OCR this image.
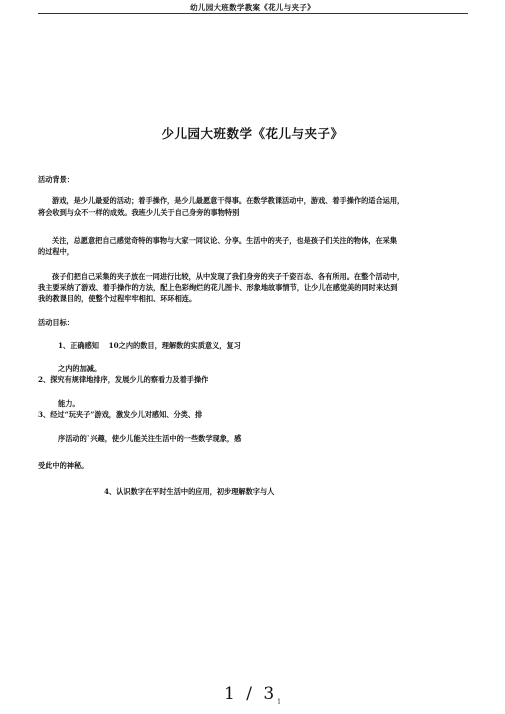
幼儿园大班数学教案《花儿与夹子》
少儿园大班数学《花儿与夹子》
活动背景：
游戏，是少儿最爱的活动；着手操作，是少儿最愿意干得事。在数学教课活动中，游戏、着手操作的适合运用，
将会收到与众不一样的成效。我班少儿关于自己身旁的事物特别
关注，总愿意把自己感觉奇特的事物与大家一同议论、分享。生活中的夹子，也是孩子们关注的物体，在采集
的过程中，
孩子们把自己采集的夹子放在一同进行比较，从中发现了我们身旁的夹子千姿百态、各有所用。在整个活动中，
我主要采纳了游戏、着手操作的方法，配上色彩绚烂的花儿图卡、形象地故事情节，让少儿在感觉美的同时来达到
我的教课目的，使整个过程牢牢相扣、环环相连。
活动目标：
1、正确感知　 10之内的数目，理解数的实质意义，复习
之内的加减。
2、探究有规律地排序，发展少儿的察看力及着手操作
能力。
3、经过“玩夹子”游戏，激发少儿对感知、分类、排
序活动的`兴趣，使少儿能关注生活中的一些数学现象，感
受此中的神秘。
4、认识数字在平时生活中的应用，初步理解数字与人
$1 / 3_1$
